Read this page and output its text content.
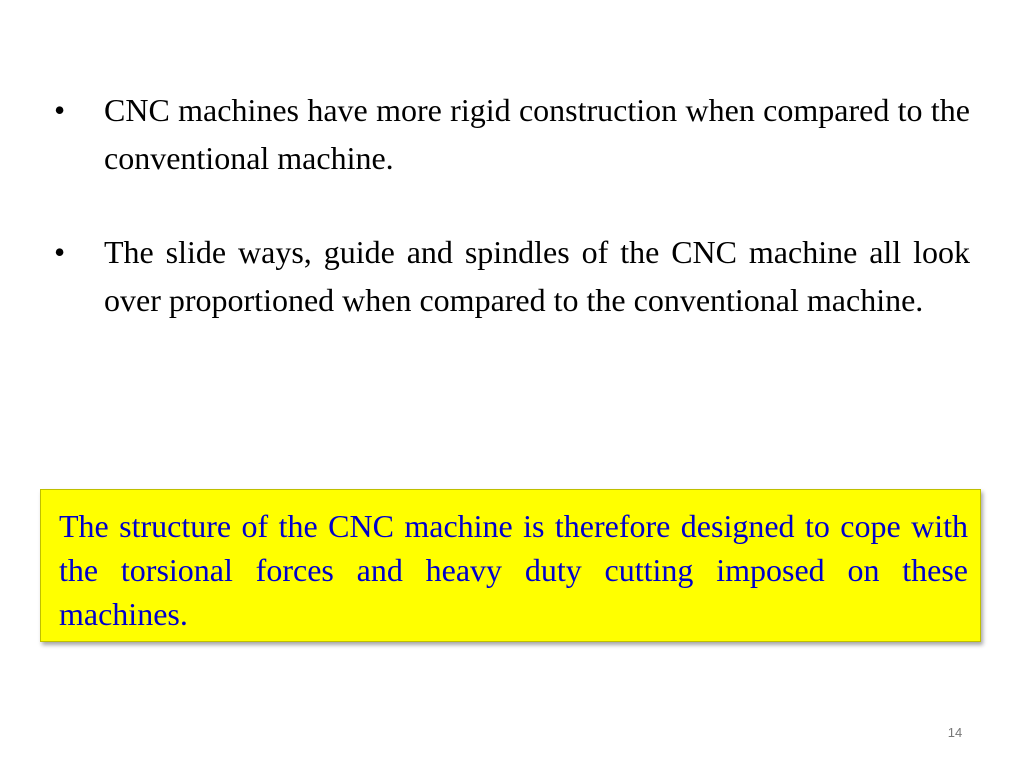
•	CNC machines have more rigid construction when compared to the conventional machine.
•	The slide ways, guide and spindles of the CNC machine all look over proportioned when compared to the conventional machine.

The structure of the CNC machine is therefore designed to cope with the torsional forces and heavy duty cutting imposed on these machines.

14
